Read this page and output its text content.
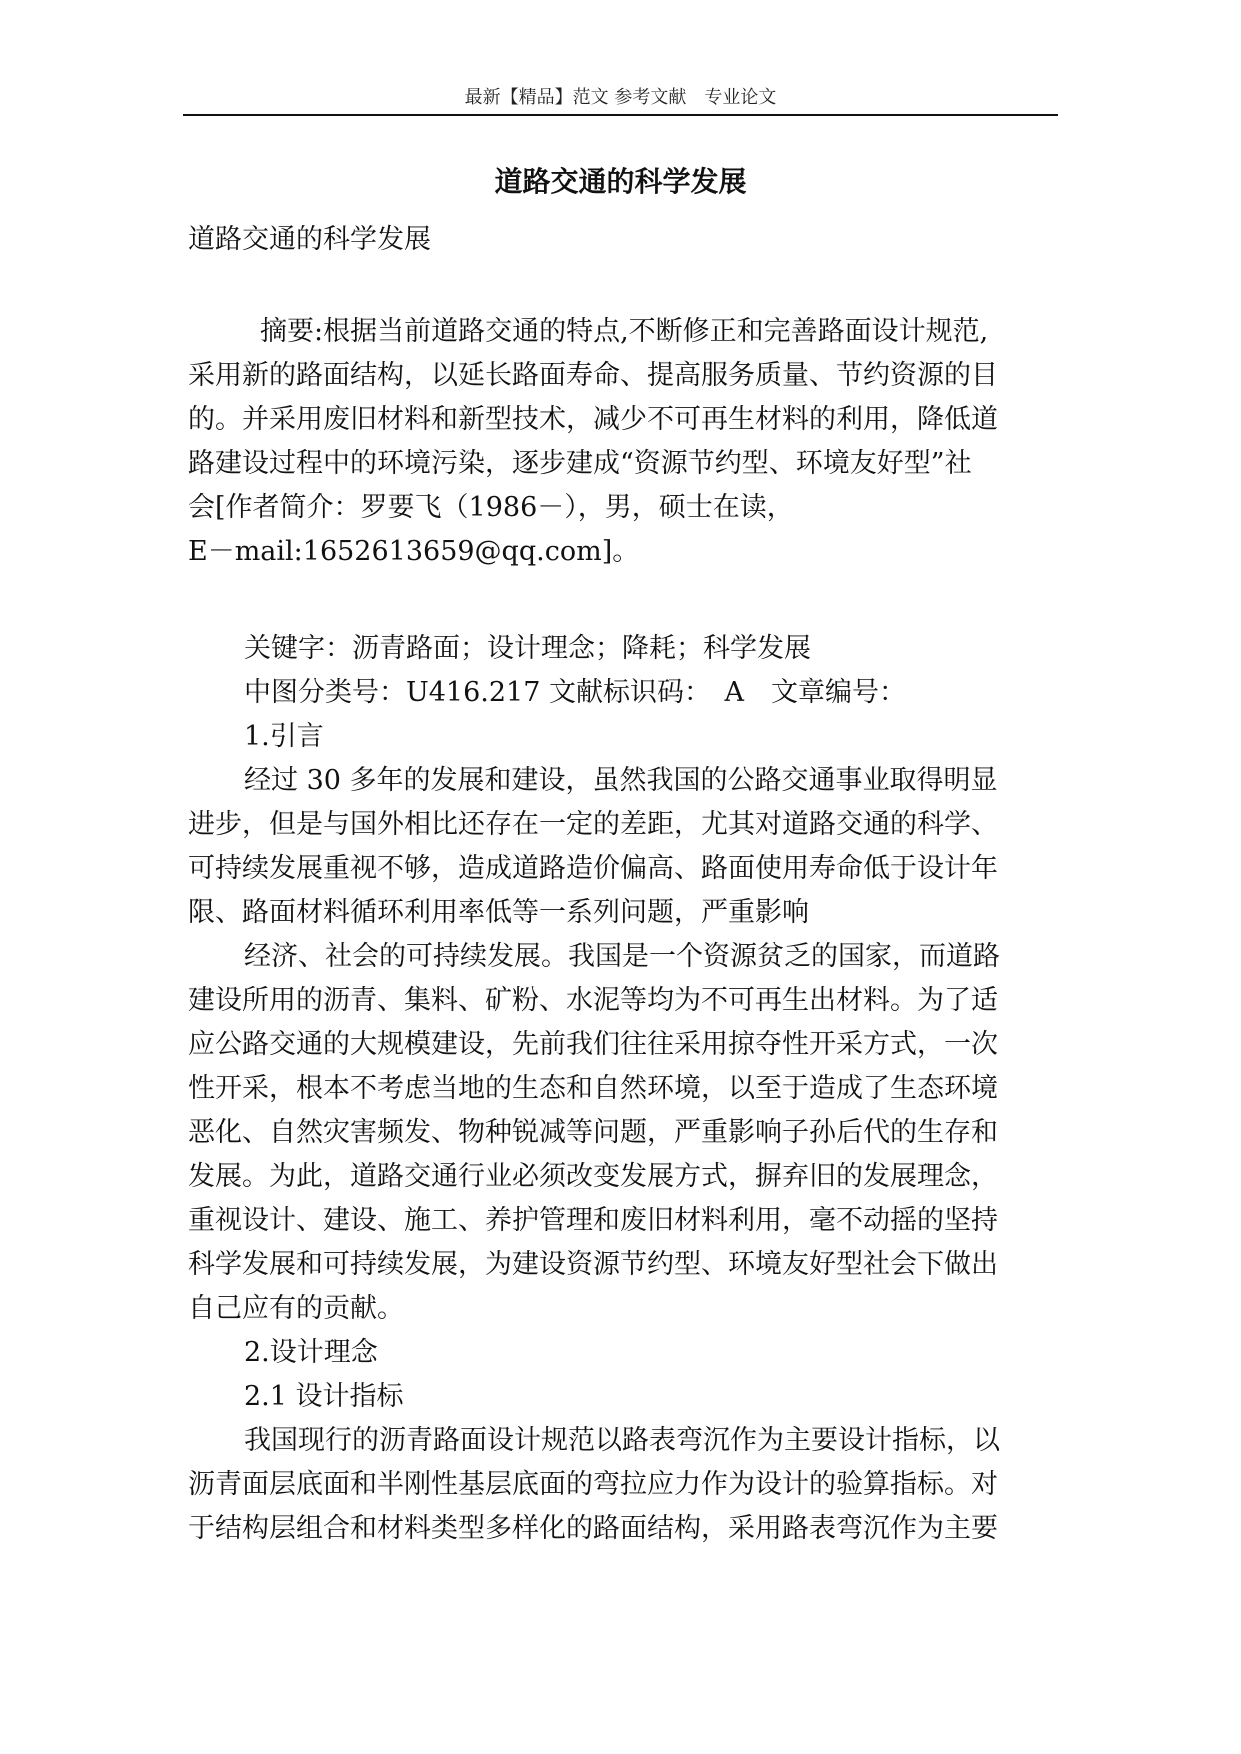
最新【精品】范文 参考文献　专业论文
道路交通的科学发展
道路交通的科学发展
摘要:根据当前道路交通的特点,不断修正和完善路面设计规范,
采用新的路面结构，以延长路面寿命、提高服务质量、节约资源的目
的。并采用废旧材料和新型技术，减少不可再生材料的利用，降低道
路建设过程中的环境污染，逐步建成“资源节约型、环境友好型”社
会[作者简介：罗要飞（1986－），男，硕士在读，
E－mail:1652613659@qq.com]。
关键字：沥青路面；设计理念；降耗；科学发展
中图分类号：U416.217 文献标识码：　A　文章编号：
1.引言
经过 30 多年的发展和建设，虽然我国的公路交通事业取得明显
进步，但是与国外相比还存在一定的差距，尤其对道路交通的科学、
可持续发展重视不够，造成道路造价偏高、路面使用寿命低于设计年
限、路面材料循环利用率低等一系列问题，严重影响
经济、社会的可持续发展。我国是一个资源贫乏的国家，而道路
建设所用的沥青、集料、矿粉、水泥等均为不可再生出材料。为了适
应公路交通的大规模建设，先前我们往往采用掠夺性开采方式，一次
性开采，根本不考虑当地的生态和自然环境，以至于造成了生态环境
恶化、自然灾害频发、物种锐减等问题，严重影响子孙后代的生存和
发展。为此，道路交通行业必须改变发展方式，摒弃旧的发展理念，
重视设计、建设、施工、养护管理和废旧材料利用，毫不动摇的坚持
科学发展和可持续发展，为建设资源节约型、环境友好型社会下做出
自己应有的贡献。
2.设计理念
2.1 设计指标
我国现行的沥青路面设计规范以路表弯沉作为主要设计指标，以
沥青面层底面和半刚性基层底面的弯拉应力作为设计的验算指标。对
于结构层组合和材料类型多样化的路面结构，采用路表弯沉作为主要
